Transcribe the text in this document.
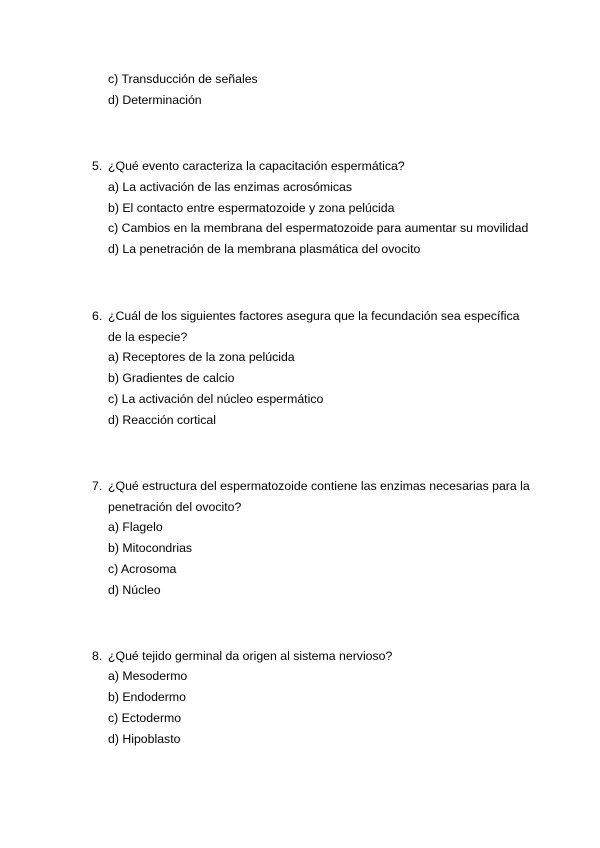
c) Transducción de señales
d) Determinación
5. ¿Qué evento caracteriza la capacitación espermática?
a) La activación de las enzimas acrosómicas
b) El contacto entre espermatozoide y zona pelúcida
c) Cambios en la membrana del espermatozoide para aumentar su movilidad
d) La penetración de la membrana plasmática del ovocito
6. ¿Cuál de los siguientes factores asegura que la fecundación sea específica
de la especie?
a) Receptores de la zona pelúcida
b) Gradientes de calcio
c) La activación del núcleo espermático
d) Reacción cortical
7. ¿Qué estructura del espermatozoide contiene las enzimas necesarias para la
penetración del ovocito?
a) Flagelo
b) Mitocondrias
c) Acrosoma
d) Núcleo
8. ¿Qué tejido germinal da origen al sistema nervioso?
a) Mesodermo
b) Endodermo
c) Ectodermo
d) Hipoblasto
